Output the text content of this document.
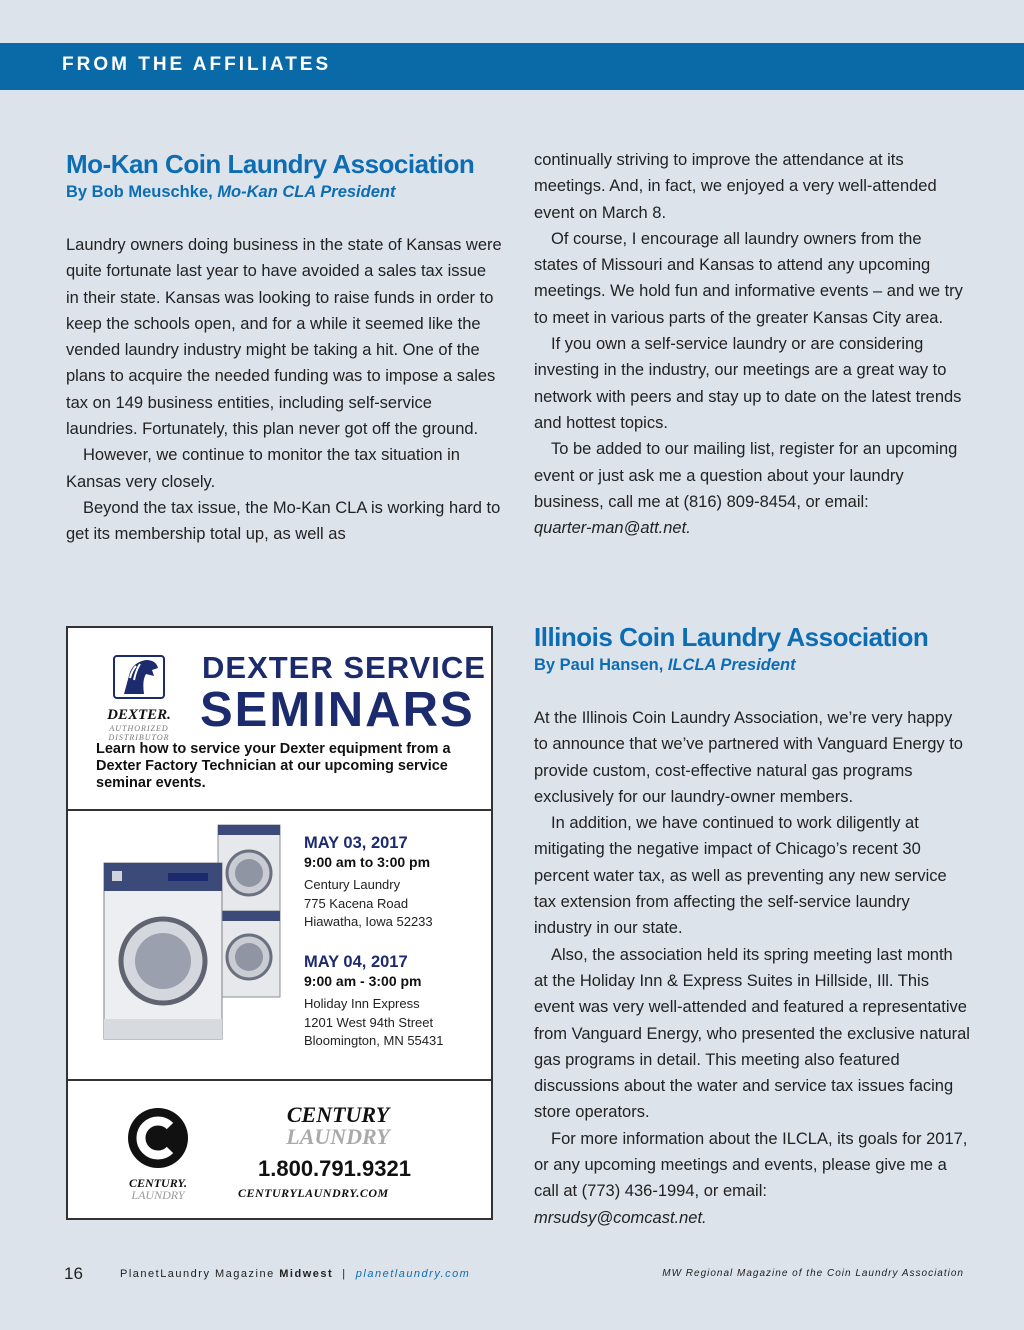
FROM THE AFFILIATES
Mo-Kan Coin Laundry Association
By Bob Meuschke, Mo-Kan CLA President

Laundry owners doing business in the state of Kansas were quite fortunate last year to have avoided a sales tax issue in their state. Kansas was looking to raise funds in order to keep the schools open, and for a while it seemed like the vended laundry industry might be taking a hit. One of the plans to acquire the needed funding was to impose a sales tax on 149 business entities, including self-service laundries. Fortunately, this plan never got off the ground.

However, we continue to monitor the tax situation in Kansas very closely.

Beyond the tax issue, the Mo-Kan CLA is working hard to get its membership total up, as well as

continually striving to improve the attendance at its meetings. And, in fact, we enjoyed a very well-attended event on March 8.

Of course, I encourage all laundry owners from the states of Missouri and Kansas to attend any upcoming meetings. We hold fun and informative events – and we try to meet in various parts of the greater Kansas City area.

If you own a self-service laundry or are considering investing in the industry, our meetings are a great way to network with peers and stay up to date on the latest trends and hottest topics.

To be added to our mailing list, register for an upcoming event or just ask me a question about your laundry business, call me at (816) 809-8454, or email:

quarter-man@att.net.

Illinois Coin Laundry Association
By Paul Hansen, ILCLA President

At the Illinois Coin Laundry Association, we’re very happy to announce that we’ve partnered with Vanguard Energy to provide custom, cost-effective natural gas programs exclusively for our laundry-owner members.

In addition, we have continued to work diligently at mitigating the negative impact of Chicago’s recent 30 percent water tax, as well as preventing any new service tax extension from affecting the self-service laundry industry in our state.

Also, the association held its spring meeting last month at the Holiday Inn & Express Suites in Hillside, Ill. This event was very well-attended and featured a representative from Vanguard Energy, who presented the exclusive natural gas programs in detail. This meeting also featured discussions about the water and service tax issues facing store operators.

For more information about the ILCLA, its goals for 2017, or any upcoming meetings and events, please give me a call at (773) 436-1994, or email:

mrsudsy@comcast.net.

DEXTER.
AUTHORIZED
DISTRIBUTOR
DEXTER SERVICE
SEMINARS
Learn how to service your Dexter equipment from a Dexter Factory Technician at our upcoming service seminar events.
MAY 03, 2017
9:00 am to 3:00 pm
Century Laundry
775 Kacena Road
Hiawatha, Iowa 52233
MAY 04, 2017
9:00 am - 3:00 pm
Holiday Inn Express
1201 West 94th Street
Bloomington, MN 55431
CENTURY.
LAUNDRY
CENTURY
LAUNDRY
1.800.791.9321
CENTURYLAUNDRY.COM
16	PlanetLaundry Magazine Midwest | planetlaundry.com	MW Regional Magazine of the Coin Laundry Association
